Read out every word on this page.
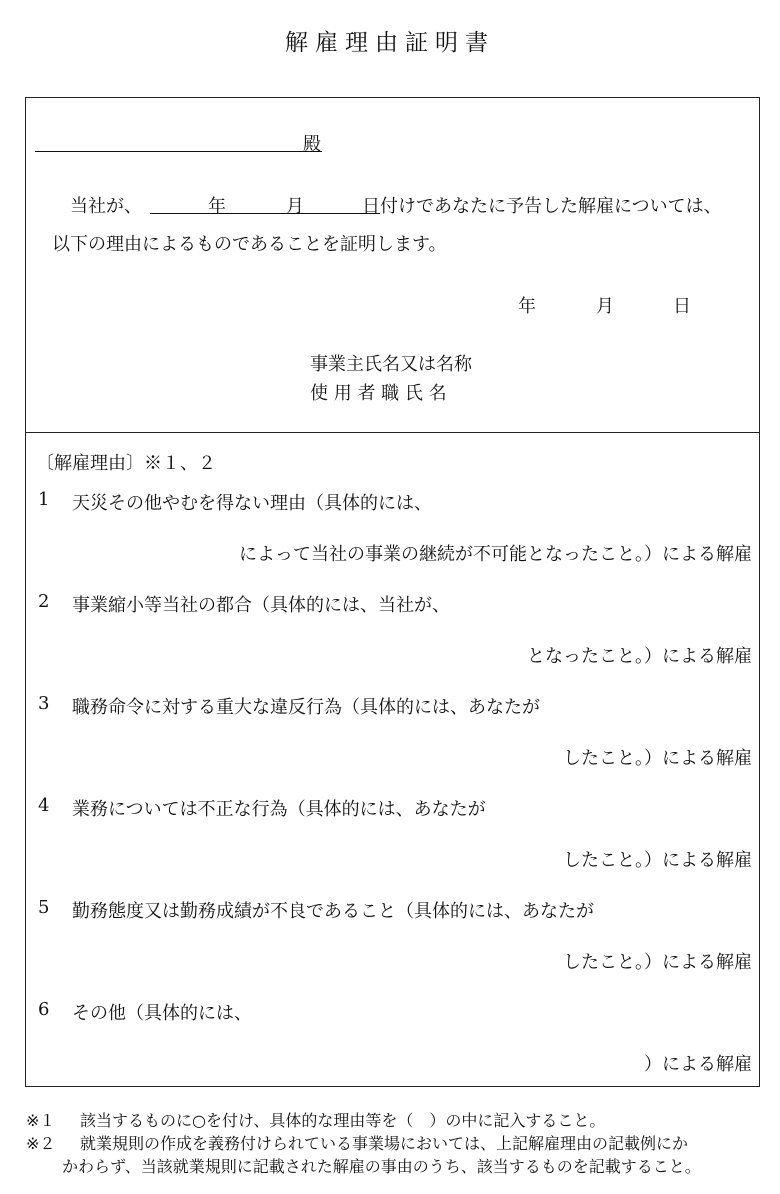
解雇理由証明書
殿
当社が、	年	月	日付けであなたに予告した解雇については、
以下の理由によるものであることを証明します。
年	月	日
事業主氏名又は名称
使 用 者 職 氏 名
〔解雇理由〕※１、２
1 天災その他やむを得ない理由（具体的には、
によって当社の事業の継続が不可能となったこと。）による解雇
2 事業縮小等当社の都合（具体的には、当社が、
となったこと。）による解雇
3 職務命令に対する重大な違反行為（具体的には、あなたが
したこと。）による解雇
4 業務については不正な行為（具体的には、あなたが
したこと。）による解雇
5 勤務態度又は勤務成績が不良であること（具体的には、あなたが
したこと。）による解雇
6 その他（具体的には、
）による解雇
※１ 該当するものに○を付け、具体的な理由等を（　）の中に記入すること。
※２ 就業規則の作成を義務付けられている事業場においては、上記解雇理由の記載例にか
かわらず、当該就業規則に記載された解雇の事由のうち、該当するものを記載すること。
